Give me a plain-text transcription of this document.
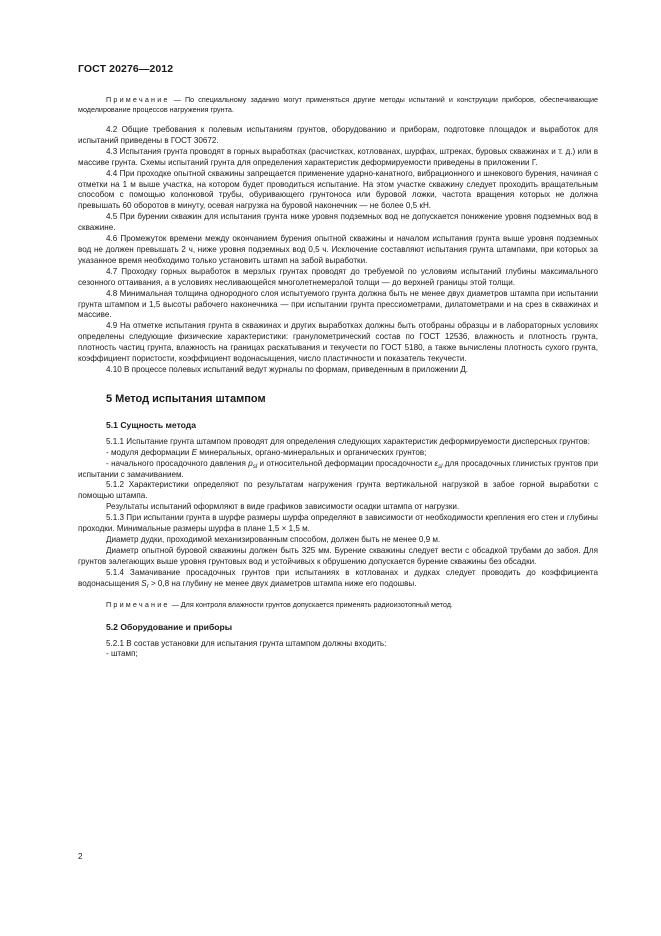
ГОСТ 20276—2012

Примечание — По специальному заданию могут применяться другие методы испытаний и конструкции приборов, обеспечивающие моделирование процессов нагружения грунта.

4.2 Общие требования к полевым испытаниям грунтов, оборудованию и приборам, подготовке площадок и выработок для испытаний приведены в ГОСТ 30672.

4.3 Испытания грунта проводят в горных выработках (расчистках, котлованах, шурфах, штреках, буровых скважинах и т. д.) или в массиве грунта. Схемы испытаний грунта для определения характеристик деформируемости приведены в приложении Г.

4.4 При проходке опытной скважины запрещается применение ударно-канатного, вибрационного и шнекового бурения, начиная с отметки на 1 м выше участка, на котором будет проводиться испытание. На этом участке скважину следует проходить вращательным способом с помощью колонковой трубы, обуривающего грунтоноса или буровой ложки, частота вращения которых не должна превышать 60 оборотов в минуту, осевая нагрузка на буровой наконечник — не более 0,5 кН.

4.5 При бурении скважин для испытания грунта ниже уровня подземных вод не допускается понижение уровня подземных вод в скважине.

4.6 Промежуток времени между окончанием бурения опытной скважины и началом испытания грунта выше уровня подземных вод не должен превышать 2 ч, ниже уровня подземных вод 0,5 ч. Исключение составляют испытания грунта штампами, при которых за указанное время необходимо только установить штамп на забой выработки.

4.7 Проходку горных выработок в мерзлых грунтах проводят до требуемой по условиям испытаний глубины максимального сезонного оттаивания, а в условиях несливающейся многолетнемерзлой толщи — до верхней границы этой толщи.

4.8 Минимальная толщина однородного слоя испытуемого грунта должна быть не менее двух диаметров штампа при испытании грунта штампом и 1,5 высоты рабочего наконечника — при испытании грунта прессиометрами, дилатометрами и на срез в скважинах и массиве.

4.9 На отметке испытания грунта в скважинах и других выработках должны быть отобраны образцы и в лабораторных условиях определены следующие физические характеристики: гранулометрический состав по ГОСТ 12536, влажность и плотность грунта, плотность частиц грунта, влажность на границах раскатывания и текучести по ГОСТ 5180, а также вычислены плотность сухого грунта, коэффициент пористости, коэффициент водонасыщения, число пластичности и показатель текучести.

4.10 В процессе полевых испытаний ведут журналы по формам, приведенным в приложении Д.

5 Метод испытания штампом
5.1 Сущность метода

5.1.1 Испытание грунта штампом проводят для определения следующих характеристик деформируемости дисперсных грунтов:

- модуля деформации E минеральных, органо-минеральных и органических грунтов;

- начального просадочного давления $p_{sl}$ и относительной деформации просадочности $\varepsilon_{sl}$ для просадочных глинистых грунтов при испытании с замачиванием.

5.1.2 Характеристики определяют по результатам нагружения грунта вертикальной нагрузкой в забое горной выработки с помощью штампа.

Результаты испытаний оформляют в виде графиков зависимости осадки штампа от нагрузки.

5.1.3 При испытании грунта в шурфе размеры шурфа определяют в зависимости от необходимости крепления его стен и глубины проходки. Минимальные размеры шурфа в плане 1,5 × 1,5 м.

Диаметр дудки, проходимой механизированным способом, должен быть не менее 0,9 м.

Диаметр опытной буровой скважины должен быть 325 мм. Бурение скважины следует вести с обсадкой трубами до забоя. Для грунтов залегающих выше уровня грунтовых вод и устойчивых к обрушению допускается бурение скважины без обсадки.

5.1.4 Замачивание просадочных грунтов при испытаниях в котлованах и дудках следует проводить до коэффициента водонасыщения $S_r > 0,8$ на глубину не менее двух диаметров штампа ниже его подошвы.

Примечание — Для контроля влажности грунтов допускается применять радиоизотопный метод.

5.2 Оборудование и приборы

5.2.1 В состав установки для испытания грунта штампом должны входить:

- штамп;

2
